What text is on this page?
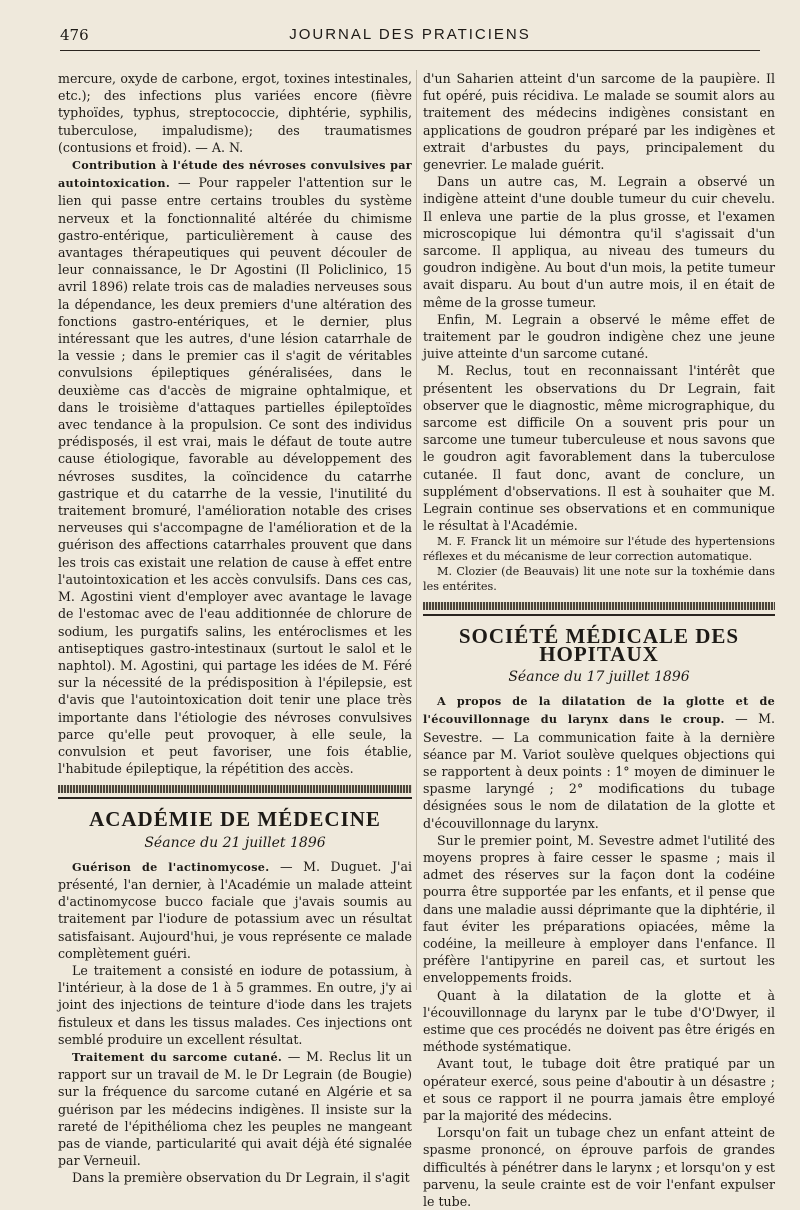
476	JOURNAL DES PRATICIENS

mercure, oxyde de carbone, ergot, toxines intestinales, etc.); des infections plus variées encore (fièvre typhoïdes, typhus, streptococcie, diphtérie, syphilis, tuberculose, impaludisme); des traumatismes (contusions et froid). — A. N.

Contribution à l'étude des névroses convulsives par autointoxication. — Pour rappeler l'attention sur le lien qui passe entre certains troubles du système nerveux et la fonctionnalité altérée du chimisme gastro-entérique, particulièrement à cause des avantages thérapeutiques qui peuvent découler de leur connaissance, le Dr Agostini (Il Policlinico, 15 avril 1896) relate trois cas de maladies nerveuses sous la dépendance, les deux premiers d'une altération des fonctions gastro-entériques, et le dernier, plus intéressant que les autres, d'une lésion catarrhale de la vessie ; dans le premier cas il s'agit de véritables convulsions épileptiques généralisées, dans le deuxième cas d'accès de migraine ophtalmique, et dans le troisième d'attaques partielles épileptoïdes avec tendance à la propulsion. Ce sont des individus prédisposés, il est vrai, mais le défaut de toute autre cause étiologique, favorable au développement des névroses susdites, la coïncidence du catarrhe gastrique et du catarrhe de la vessie, l'inutilité du traitement bromuré, l'amélioration notable des crises nerveuses qui s'accompagne de l'amélioration et de la guérison des affections catarrhales prouvent que dans les trois cas existait une relation de cause à effet entre l'autointoxication et les accès convulsifs. Dans ces cas, M. Agostini vient d'employer avec avantage le lavage de l'estomac avec de l'eau additionnée de chlorure de sodium, les purgatifs salins, les entéroclismes et les antiseptiques gastro-intestinaux (surtout le salol et le naphtol). M. Agostini, qui partage les idées de M. Féré sur la nécessité de la prédisposition à l'épilepsie, est d'avis que l'autointoxication doit tenir une place très importante dans l'étiologie des névroses convulsives parce qu'elle peut provoquer, à elle seule, la convulsion et peut favoriser, une fois établie, l'habitude épileptique, la répétition des accès.

ACADÉMIE DE MÉDECINE
Séance du 21 juillet 1896

Guérison de l'actinomycose. — M. Duguet. J'ai présenté, l'an dernier, à l'Académie un malade atteint d'actinomycose bucco faciale que j'avais soumis au traitement par l'iodure de potassium avec un résultat satisfaisant. Aujourd'hui, je vous représente ce malade complètement guéri.

Le traitement a consisté en iodure de potassium, à l'intérieur, à la dose de 1 à 5 grammes. En outre, j'y ai joint des injections de teinture d'iode dans les trajets fistuleux et dans les tissus malades. Ces injections ont semblé produire un excellent résultat.

Traitement du sarcome cutané. — M. Reclus lit un rapport sur un travail de M. le Dr Legrain (de Bougie) sur la fréquence du sarcome cutané en Algérie et sa guérison par les médecins indigènes. Il insiste sur la rareté de l'épithélioma chez les peuples ne mangeant pas de viande, particularité qui avait déjà été signalée par Verneuil.

Dans la première observation du Dr Legrain, il s'agit

d'un Saharien atteint d'un sarcome de la paupière. Il fut opéré, puis récidiva. Le malade se soumit alors au traitement des médecins indigènes consistant en applications de goudron préparé par les indigènes et extrait d'arbustes du pays, principalement du genevrier. Le malade guérit.

Dans un autre cas, M. Legrain a observé un indigène atteint d'une double tumeur du cuir chevelu. Il enleva une partie de la plus grosse, et l'examen microscopique lui démontra qu'il s'agissait d'un sarcome. Il appliqua, au niveau des tumeurs du goudron indigène. Au bout d'un mois, la petite tumeur avait disparu. Au bout d'un autre mois, il en était de même de la grosse tumeur.

Enfin, M. Legrain a observé le même effet de traitement par le goudron indigène chez une jeune juive atteinte d'un sarcome cutané.

M. Reclus, tout en reconnaissant l'intérêt que présentent les observations du Dr Legrain, fait observer que le diagnostic, même micrographique, du sarcome est difficile On a souvent pris pour un sarcome une tumeur tuberculeuse et nous savons que le goudron agit favorablement dans la tuberculose cutanée. Il faut donc, avant de conclure, un supplément d'observations. Il est à souhaiter que M. Legrain continue ses observations et en communique le résultat à l'Académie.

M. F. Franck lit un mémoire sur l'étude des hypertensions réflexes et du mécanisme de leur correction automatique.

M. Clozier (de Beauvais) lit une note sur la toxhémie dans les entérites.

SOCIÉTÉ MÉDICALE DES HOPITAUX
Séance du 17 juillet 1896

A propos de la dilatation de la glotte et de l'écouvillonnage du larynx dans le croup. — M. Sevestre. — La communication faite à la dernière séance par M. Variot soulève quelques objections qui se rapportent à deux points : 1° moyen de diminuer le spasme laryngé ; 2° modifications du tubage désignées sous le nom de dilatation de la glotte et d'écouvillonnage du larynx.

Sur le premier point, M. Sevestre admet l'utilité des moyens propres à faire cesser le spasme ; mais il admet des réserves sur la façon dont la codéine pourra être supportée par les enfants, et il pense que dans une maladie aussi déprimante que la diphtérie, il faut éviter les préparations opiacées, même la codéine, la meilleure à employer dans l'enfance. Il préfère l'antipyrine en pareil cas, et surtout les enveloppements froids.

Quant à la dilatation de la glotte et à l'écouvillonnage du larynx par le tube d'O'Dwyer, il estime que ces procédés ne doivent pas être érigés en méthode systématique.

Avant tout, le tubage doit être pratiqué par un opérateur exercé, sous peine d'aboutir à un désastre ; et sous ce rapport il ne pourra jamais être employé par la majorité des médecins.

Lorsqu'on fait un tubage chez un enfant atteint de spasme prononcé, on éprouve parfois de grandes difficultés à pénétrer dans le larynx ; et lorsqu'on y est parvenu, la seule crainte est de voir l'enfant expulser le tube.
